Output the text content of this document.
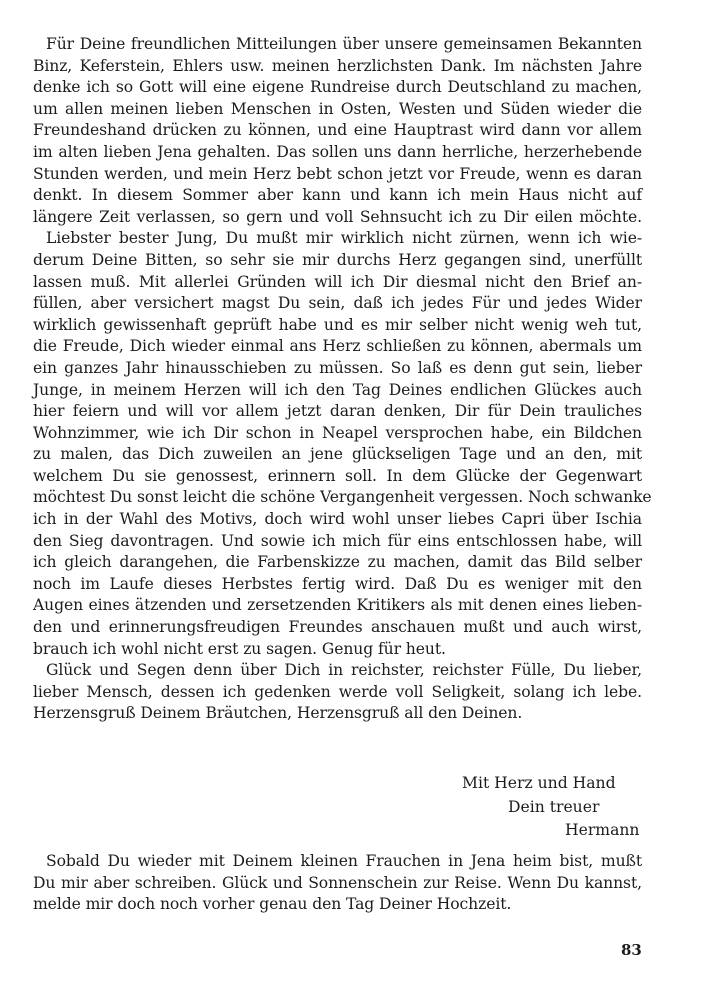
Für Deine freundlichen Mitteilungen über unsere gemeinsamen Bekannten
Binz, Keferstein, Ehlers usw. meinen herzlichsten Dank. Im nächsten Jahre
denke ich so Gott will eine eigene Rundreise durch Deutschland zu machen,
um allen meinen lieben Menschen in Osten, Westen und Süden wieder die
Freundeshand drücken zu können, und eine Hauptrast wird dann vor allem
im alten lieben Jena gehalten. Das sollen uns dann herrliche, herzerhebende
Stunden werden, und mein Herz bebt schon jetzt vor Freude, wenn es daran
denkt. In diesem Sommer aber kann und kann ich mein Haus nicht auf
längere Zeit verlassen, so gern und voll Sehnsucht ich zu Dir eilen möchte.
Liebster bester Jung, Du mußt mir wirklich nicht zürnen, wenn ich wie-
derum Deine Bitten, so sehr sie mir durchs Herz gegangen sind, unerfüllt
lassen muß. Mit allerlei Gründen will ich Dir diesmal nicht den Brief an-
füllen, aber versichert magst Du sein, daß ich jedes Für und jedes Wider
wirklich gewissenhaft geprüft habe und es mir selber nicht wenig weh tut,
die Freude, Dich wieder einmal ans Herz schließen zu können, abermals um
ein ganzes Jahr hinausschieben zu müssen. So laß es denn gut sein, lieber
Junge, in meinem Herzen will ich den Tag Deines endlichen Glückes auch
hier feiern und will vor allem jetzt daran denken, Dir für Dein trauliches
Wohnzimmer, wie ich Dir schon in Neapel versprochen habe, ein Bildchen
zu malen, das Dich zuweilen an jene glückseligen Tage und an den, mit
welchem Du sie genossest, erinnern soll. In dem Glücke der Gegenwart
möchtest Du sonst leicht die schöne Vergangenheit vergessen. Noch schwanke
ich in der Wahl des Motivs, doch wird wohl unser liebes Capri über Ischia
den Sieg davontragen. Und sowie ich mich für eins entschlossen habe, will
ich gleich darangehen, die Farbenskizze zu machen, damit das Bild selber
noch im Laufe dieses Herbstes fertig wird. Daß Du es weniger mit den
Augen eines ätzenden und zersetzenden Kritikers als mit denen eines lieben-
den und erinnerungsfreudigen Freundes anschauen mußt und auch wirst,
brauch ich wohl nicht erst zu sagen. Genug für heut.
Glück und Segen denn über Dich in reichster, reichster Fülle, Du lieber,
lieber Mensch, dessen ich gedenken werde voll Seligkeit, solang ich lebe.
Herzensgruß Deinem Bräutchen, Herzensgruß all den Deinen.
Mit Herz und Hand
Dein treuer
Hermann
Sobald Du wieder mit Deinem kleinen Frauchen in Jena heim bist, mußt
Du mir aber schreiben. Glück und Sonnenschein zur Reise. Wenn Du kannst,
melde mir doch noch vorher genau den Tag Deiner Hochzeit.
83
